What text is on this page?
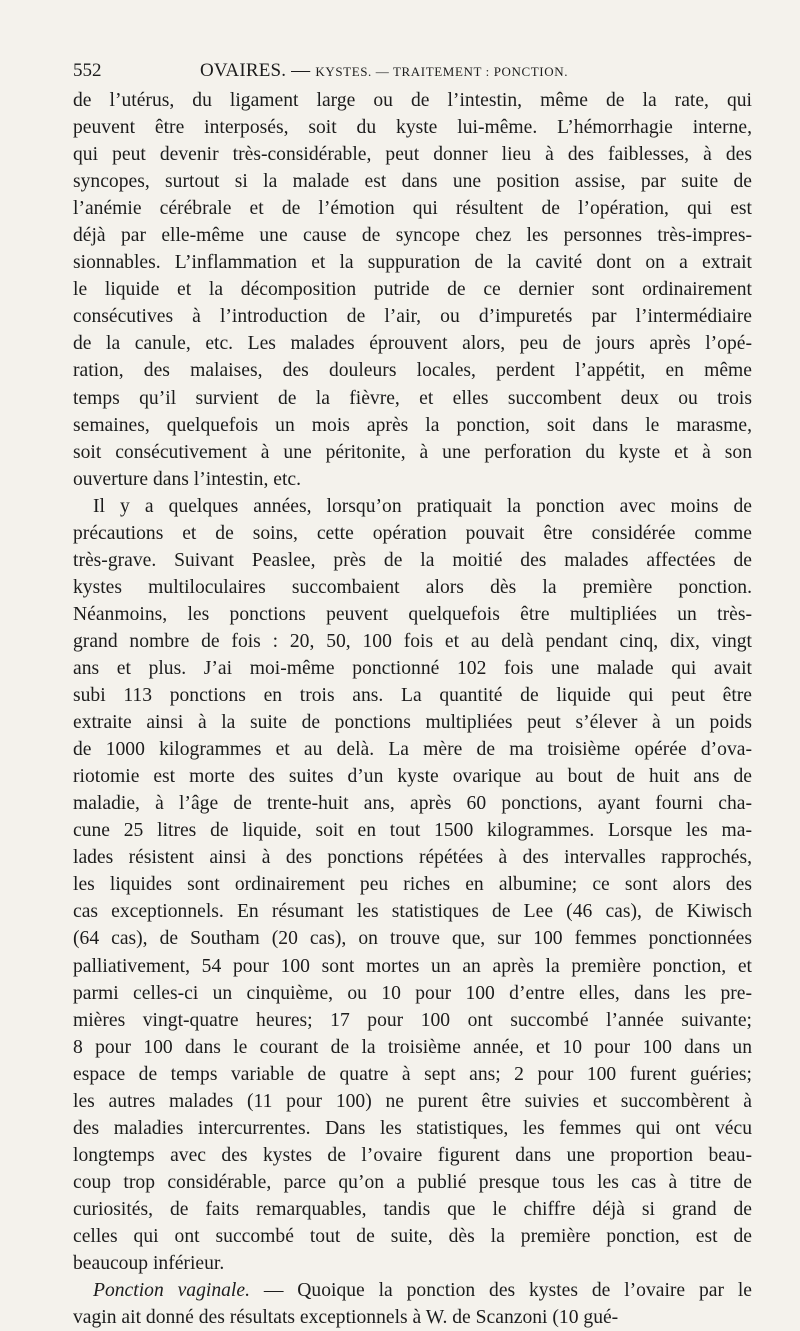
552	OVAIRES. — KYSTES. — TRAITEMENT : PONCTION.
de l’utérus, du ligament large ou de l’intestin, même de la rate, qui
peuvent être interposés, soit du kyste lui-même. L’hémorrhagie interne,
qui peut devenir très-considérable, peut donner lieu à des faiblesses, à des
syncopes, surtout si la malade est dans une position assise, par suite de
l’anémie cérébrale et de l’émotion qui résultent de l’opération, qui est
déjà par elle-même une cause de syncope chez les personnes très-impres-
sionnables. L’inflammation et la suppuration de la cavité dont on a extrait
le liquide et la décomposition putride de ce dernier sont ordinairement
consécutives à l’introduction de l’air, ou d’impuretés par l’intermédiaire
de la canule, etc. Les malades éprouvent alors, peu de jours après l’opé-
ration, des malaises, des douleurs locales, perdent l’appétit, en même
temps qu’il survient de la fièvre, et elles succombent deux ou trois
semaines, quelquefois un mois après la ponction, soit dans le marasme,
soit consécutivement à une péritonite, à une perforation du kyste et à son
ouverture dans l’intestin, etc.
Il y a quelques années, lorsqu’on pratiquait la ponction avec moins de
précautions et de soins, cette opération pouvait être considérée comme
très-grave. Suivant Peaslee, près de la moitié des malades affectées de
kystes multiloculaires succombaient alors dès la première ponction.
Néanmoins, les ponctions peuvent quelquefois être multipliées un très-
grand nombre de fois : 20, 50, 100 fois et au delà pendant cinq, dix, vingt
ans et plus. J’ai moi-même ponctionné 102 fois une malade qui avait
subi 113 ponctions en trois ans. La quantité de liquide qui peut être
extraite ainsi à la suite de ponctions multipliées peut s’élever à un poids
de 1000 kilogrammes et au delà. La mère de ma troisième opérée d’ova-
riotomie est morte des suites d’un kyste ovarique au bout de huit ans de
maladie, à l’âge de trente-huit ans, après 60 ponctions, ayant fourni cha-
cune 25 litres de liquide, soit en tout 1500 kilogrammes. Lorsque les ma-
lades résistent ainsi à des ponctions répétées à des intervalles rapprochés,
les liquides sont ordinairement peu riches en albumine; ce sont alors des
cas exceptionnels. En résumant les statistiques de Lee (46 cas), de Kiwisch
(64 cas), de Southam (20 cas), on trouve que, sur 100 femmes ponctionnées
palliativement, 54 pour 100 sont mortes un an après la première ponction, et
parmi celles-ci un cinquième, ou 10 pour 100 d’entre elles, dans les pre-
mières vingt-quatre heures; 17 pour 100 ont succombé l’année suivante;
8 pour 100 dans le courant de la troisième année, et 10 pour 100 dans un
espace de temps variable de quatre à sept ans; 2 pour 100 furent guéries;
les autres malades (11 pour 100) ne purent être suivies et succombèrent à
des maladies intercurrentes. Dans les statistiques, les femmes qui ont vécu
longtemps avec des kystes de l’ovaire figurent dans une proportion beau-
coup trop considérable, parce qu’on a publié presque tous les cas à titre de
curiosités, de faits remarquables, tandis que le chiffre déjà si grand de
celles qui ont succombé tout de suite, dès la première ponction, est de
beaucoup inférieur.
Ponction vaginale. — Quoique la ponction des kystes de l’ovaire par le
vagin ait donné des résultats exceptionnels à W. de Scanzoni (10 gué-
